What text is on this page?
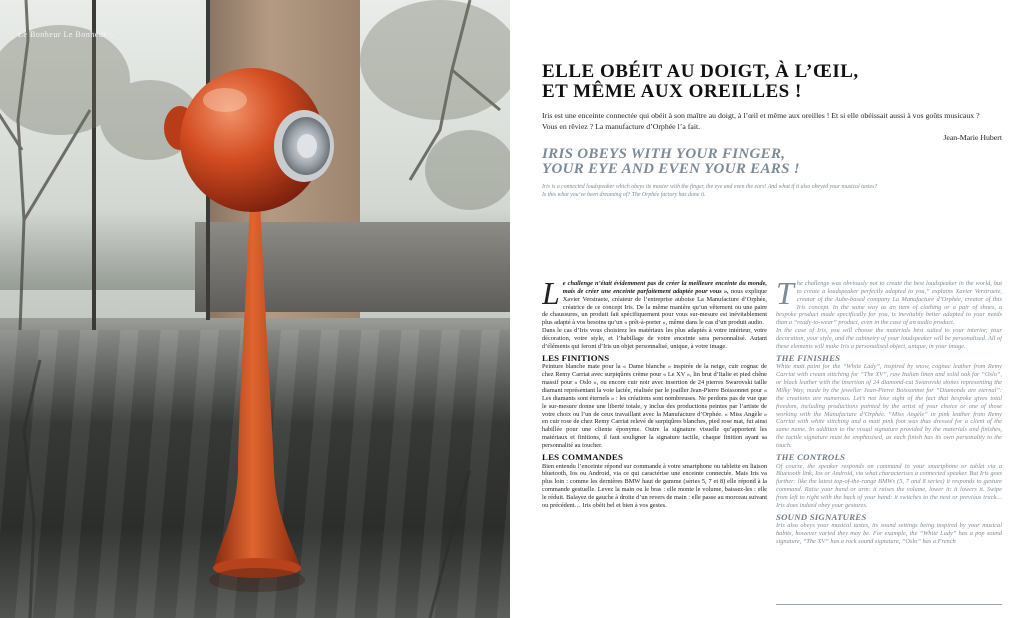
Le Bonheur Le Bonheur ...
ELLE OBÉIT AU DOIGT, À L’ŒIL,
ET MÊME AUX OREILLES !
Iris est une enceinte connectée qui obéit à son maître au doigt, à l’œil et même aux oreilles ! Et si elle obéissait aussi à vos goûts musicaux ?
Vous en rêviez ? La manufacture d’Orphée l’a fait.
Jean-Marie Hubert
IRIS OBEYS WITH YOUR FINGER,
YOUR EYE AND EVEN YOUR EARS !
Iris is a connected loudspeaker which obeys its master with the finger, the eye and even the ears! And what if it also obeyed your musical tastes?
Is this what you’ve been dreaming of? The Orphée factory has done it.

Le challenge n’était évidemment pas de créer la meilleure enceinte du monde, mais de créer une enceinte parfaitement adaptée pour vous », nous explique Xavier Verstraete, créateur de l’entreprise auboise La Manufacture d’Orphée, créatrice de ce concept Iris. De la même manière qu’un vêtement ou une paire de chaussures, un produit fait spécifiquement pour vous sur-mesure est inévitablement plus adapté à vos besoins qu’un « prêt-à-porter », même dans le cas d’un produit audio.

Dans le cas d’Iris vous choisirez les matériaux les plus adaptés à votre intérieur, votre décoration, votre style, et l’habillage de votre enceinte sera personnalisé. Autant d’éléments qui feront d’Iris un objet personnalisé, unique, à votre image.

LES FINITIONS

Peinture blanche mate pour la « Dame blanche » inspirée de la neige, cuir cognac de chez Remy Carriat avec surpiqûres crème pour « Le XV », lin brut d’Italie et pied chêne massif pour « Oslo », ou encore cuir noir avec insertion de 24 pierres Swarovski taille diamant représentant la voie lactée, réalisée par le joailler Jean-Pierre Boissonnet pour « Les diamants sont éternels » : les créations sont nombreuses. Ne perdons pas de vue que le sur-mesure donne une liberté totale, y inclus des productions peintes par l’artiste de votre choix ou l’un de ceux travaillant avec la Manufacture d’Orphée. « Miss Angèle » en cuir rose de chez Remy Carriat relevé de surpiqûres blanches, pied rose mat, fut ainsi habillée pour une cliente éponyme. Outre la signature visuelle qu’apportent les matériaux et finitions, il faut souligner la signature tactile, chaque finition ayant sa personnalité au toucher.

LES COMMANDES

Bien entendu l’enceinte répond sur commande à votre smartphone ou tablette en liaison bluetooth, Ios ou Android, via ce qui caractérise une enceinte connectée. Mais Iris va plus loin : comme les dernières BMW haut de gamme (séries 5, 7 et 8) elle répond à la commande gestuelle. Levez la main ou le bras : elle monte le volume, baissez-les : elle le réduit. Balayez de gauche à droite d’un revers de main : elle passe au morceau suivant ou précédent… Iris obéit bel et bien à vos gestes.

The challenge was obviously not to create the best loudspeaker in the world, but to create a loudspeaker perfectly adapted to you,” explains Xavier Verstraete, creator of the Aube-based company La Manufacture d’Orphée, creator of this Iris concept. In the same way as an item of clothing or a pair of shoes, a bespoke product made specifically for you, is inevitably better adapted to your needs than a “ready-to-wear” product, even in the case of an audio product.

In the case of Iris, you will choose the materials best suited to your interior, your decoration, your style, and the cabinetry of your loudspeaker will be personalised. All of these elements will make Iris a personalised object, unique, in your image.

THE FINISHES

White matt paint for the “White Lady”, inspired by snow, cognac leather from Remy Carriat with cream stitching for “The XV”, raw Italian linen and solid oak for “Oslo”, or black leather with the insertion of 24 diamond-cut Swarovski stones representing the Milky Way, made by the jeweller Jean-Pierre Boissonnet for “Diamonds are eternal”: the creations are numerous. Let’s not lose sight of the fact that bespoke gives total freedom, including productions painted by the artist of your choice or one of those working with the Manufacture d’Orphée. “Miss Angèle” in pink leather from Remy Carriat with white stitching and a matt pink foot was thus dressed for a client of the same name. In addition to the visual signature provided by the materials and finishes, the tactile signature must be emphasised, as each finish has its own personality to the touch.

THE CONTROLS

Of course, the speaker responds on command to your smartphone or tablet via a Bluetooth link, Ios or Android, via what characterises a connected speaker. But Iris goes further: like the latest top-of-the-range BMWs (5, 7 and 8 series) it responds to gesture command. Raise your hand or arm: it raises the volume, lower it: it lowers it. Swipe from left to right with the back of your hand: it switches to the next or previous track… Iris does indeed obey your gestures.

SOUND SIGNATURES

Iris also obeys your musical tastes, its sound settings being inspired by your musical habits, however varied they may be. For example, the “White Lady” has a pop sound signature, “The XV” has a rock sound signature, “Oslo” has a French
